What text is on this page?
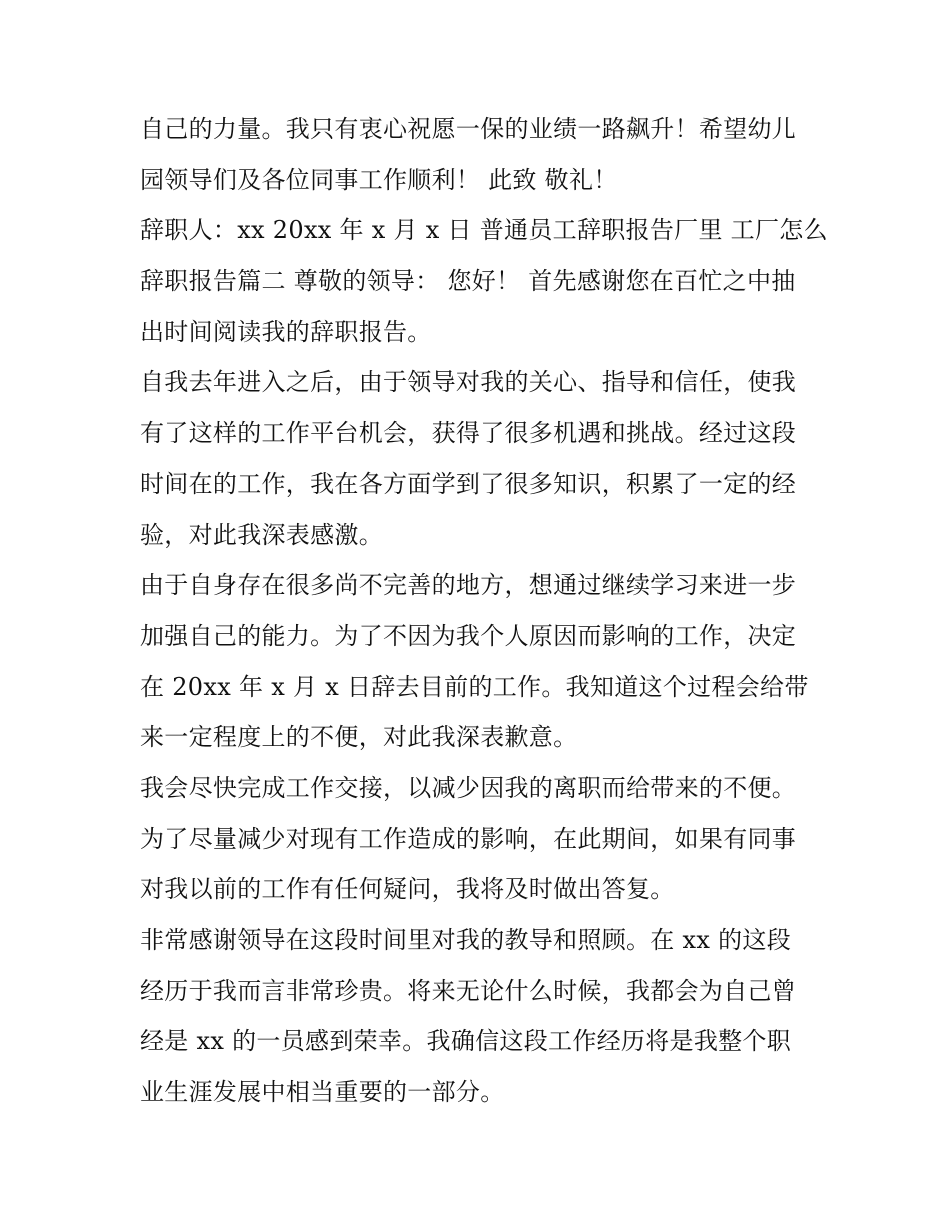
自己的力量。我只有衷心祝愿一保的业绩一路飙升！希望幼儿
园领导们及各位同事工作顺利！ 此致 敬礼！
辞职人：xx 20xx 年 x 月 x 日 普通员工辞职报告厂里 工厂怎么
辞职报告篇二 尊敬的领导： 您好！ 首先感谢您在百忙之中抽
出时间阅读我的辞职报告。
自我去年进入之后，由于领导对我的关心、指导和信任，使我
有了这样的工作平台机会，获得了很多机遇和挑战。经过这段
时间在的工作，我在各方面学到了很多知识，积累了一定的经
验，对此我深表感激。
由于自身存在很多尚不完善的地方，想通过继续学习来进一步
加强自己的能力。为了不因为我个人原因而影响的工作，决定
在 20xx 年 x 月 x 日辞去目前的工作。我知道这个过程会给带
来一定程度上的不便，对此我深表歉意。
我会尽快完成工作交接，以减少因我的离职而给带来的不便。
为了尽量减少对现有工作造成的影响，在此期间，如果有同事
对我以前的工作有任何疑问，我将及时做出答复。
非常感谢领导在这段时间里对我的教导和照顾。在 xx 的这段
经历于我而言非常珍贵。将来无论什么时候，我都会为自己曾
经是 xx 的一员感到荣幸。我确信这段工作经历将是我整个职
业生涯发展中相当重要的一部分。
